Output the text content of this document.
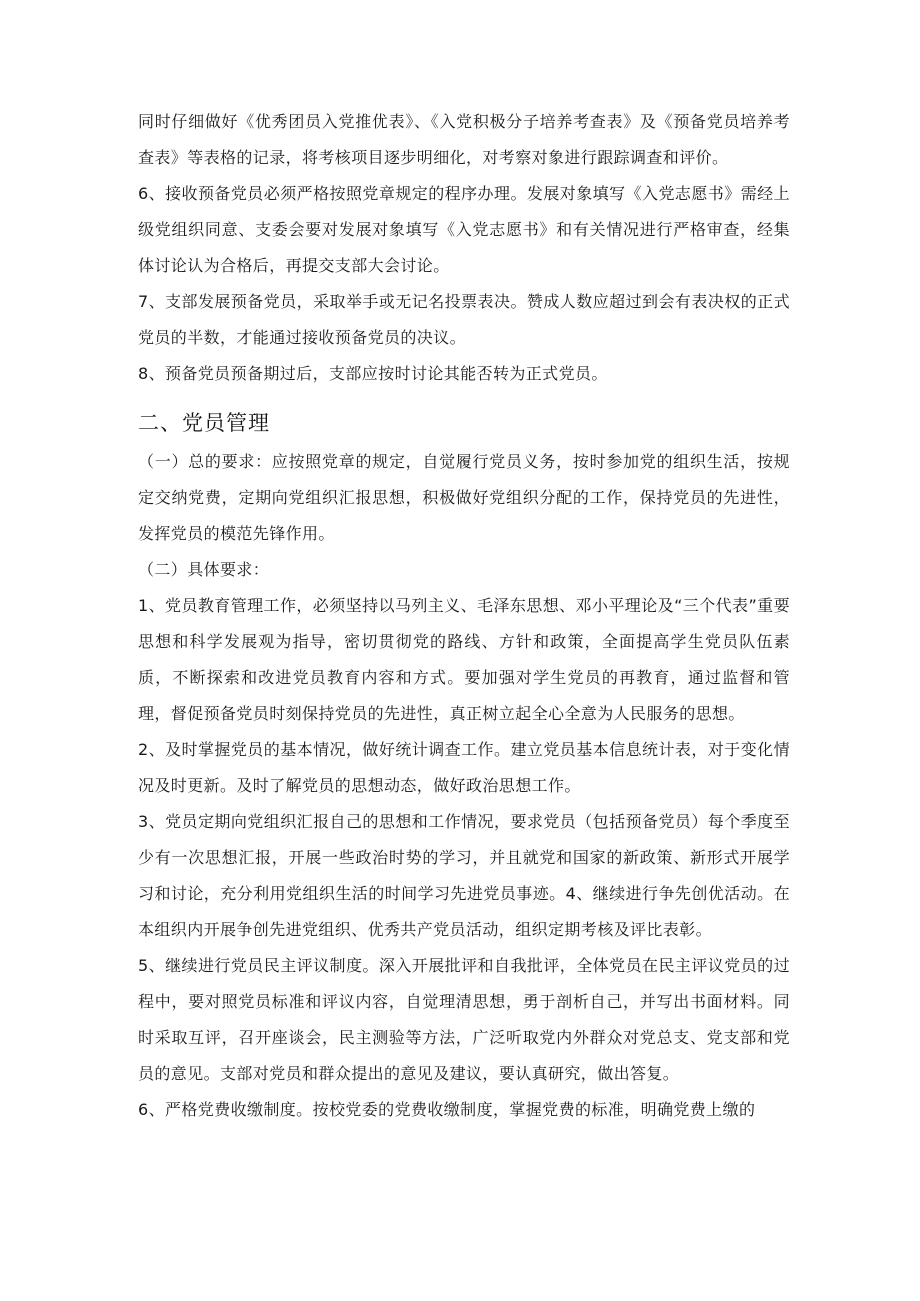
同时仔细做好《优秀团员入党推优表》、《入党积极分子培养考查表》及《预备党员培养考查表》等表格的记录，将考核项目逐步明细化，对考察对象进行跟踪调查和评价。

6、接收预备党员必须严格按照党章规定的程序办理。发展对象填写《入党志愿书》需经上级党组织同意、支委会要对发展对象填写《入党志愿书》和有关情况进行严格审查，经集体讨论认为合格后，再提交支部大会讨论。

7、支部发展预备党员，采取举手或无记名投票表决。赞成人数应超过到会有表决权的正式党员的半数，才能通过接收预备党员的决议。

8、预备党员预备期过后，支部应按时讨论其能否转为正式党员。

二、党员管理

（一）总的要求：应按照党章的规定，自觉履行党员义务，按时参加党的组织生活，按规定交纳党费，定期向党组织汇报思想，积极做好党组织分配的工作，保持党员的先进性，发挥党员的模范先锋作用。

（二）具体要求：

1、党员教育管理工作，必须坚持以马列主义、毛泽东思想、邓小平理论及“三个代表”重要思想和科学发展观为指导，密切贯彻党的路线、方针和政策，全面提高学生党员队伍素质，不断探索和改进党员教育内容和方式。要加强对学生党员的再教育，通过监督和管理，督促预备党员时刻保持党员的先进性，真正树立起全心全意为人民服务的思想。

2、及时掌握党员的基本情况，做好统计调查工作。建立党员基本信息统计表，对于变化情况及时更新。及时了解党员的思想动态，做好政治思想工作。

3、党员定期向党组织汇报自己的思想和工作情况，要求党员（包括预备党员）每个季度至少有一次思想汇报，开展一些政治时势的学习，并且就党和国家的新政策、新形式开展学习和讨论，充分利用党组织生活的时间学习先进党员事迹。4、继续进行争先创优活动。在本组织内开展争创先进党组织、优秀共产党员活动，组织定期考核及评比表彰。

5、继续进行党员民主评议制度。深入开展批评和自我批评，全体党员在民主评议党员的过程中，要对照党员标准和评议内容，自觉理清思想，勇于剖析自己，并写出书面材料。同时采取互评，召开座谈会，民主测验等方法，广泛听取党内外群众对党总支、党支部和党员的意见。支部对党员和群众提出的意见及建议，要认真研究，做出答复。

6、严格党费收缴制度。按校党委的党费收缴制度，掌握党费的标准，明确党费上缴的
